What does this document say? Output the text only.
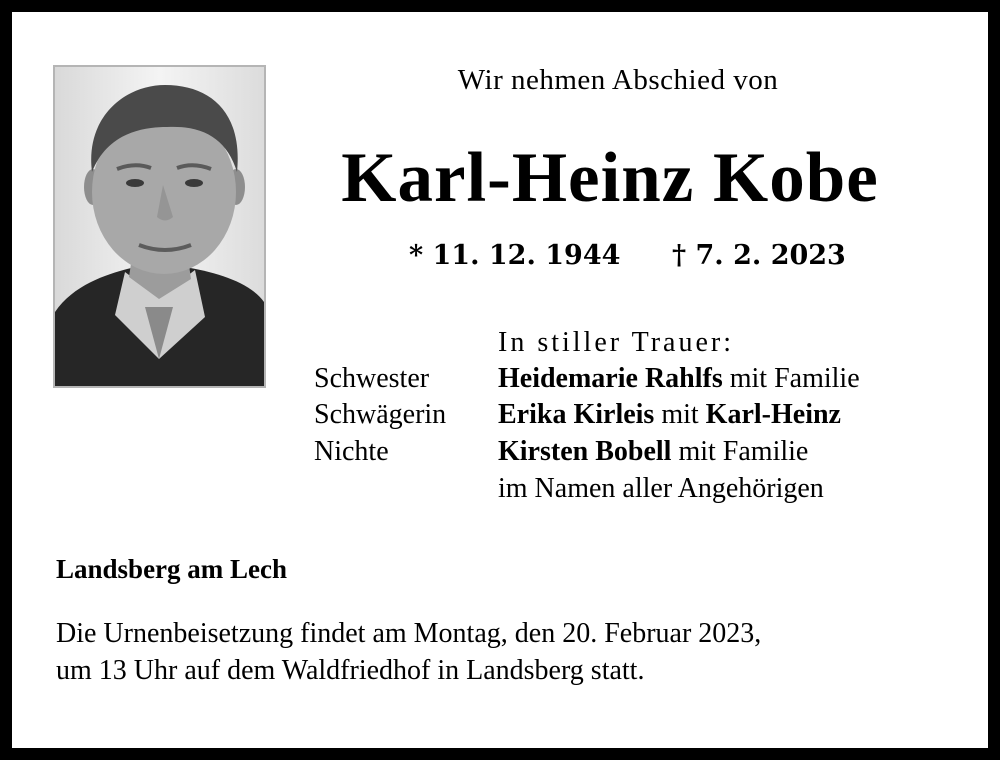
Wir nehmen Abschied von
Karl-Heinz Kobe
* 11. 12. 1944 † 7. 2. 2023
In stiller Trauer:
Schwester Heidemarie Rahlfs mit Familie
Schwägerin Erika Kirleis mit Karl-Heinz
Nichte	Kirsten Bobell mit Familie
im Namen aller Angehörigen
Landsberg am Lech
Die Urnenbeisetzung findet am Montag, den 20. Februar 2023,
um 13 Uhr auf dem Waldfriedhof in Landsberg statt.
